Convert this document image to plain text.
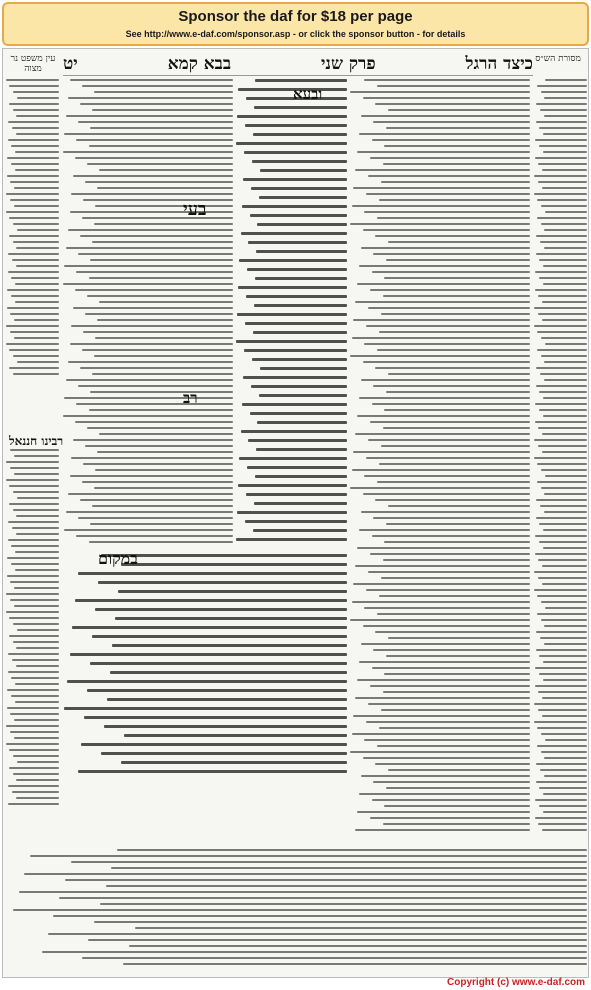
Sponsor the daf for $18 per page
See http://www.e-daf.com/sponsor.asp - or click the sponsor button - for details
עין משפט נר מצוה
מסורת הש״ס
כיצד הרגל
פרק שני
בבא קמא
יט
ובעא
בעי
רב
במקום
רבינו חננאל
Copyright (c) www.e-daf.com
